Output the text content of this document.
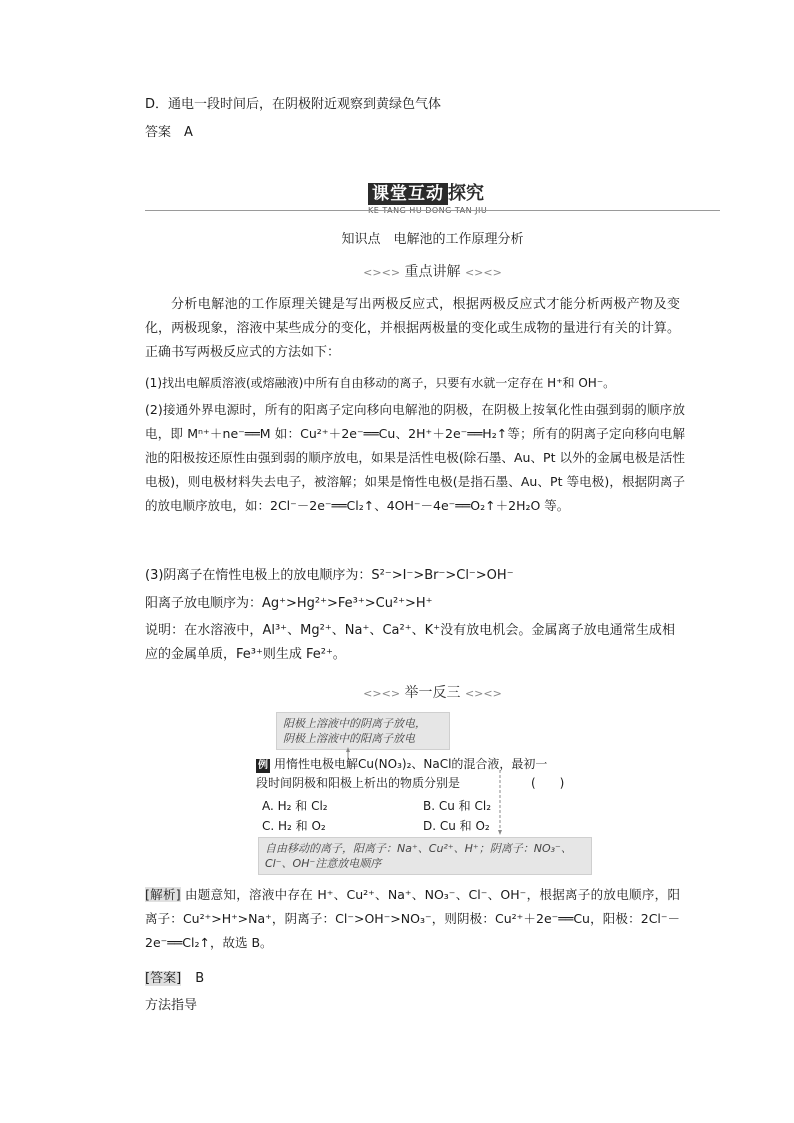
D．通电一段时间后，在阴极附近观察到黄绿色气体
答案　A
课堂互动 探究
KE TANG HU DONG TAN JIU
知识点　电解池的工作原理分析
<><> 重点讲解 <><>
分析电解池的工作原理关键是写出两极反应式，根据两极反应式才能分析两极产物及变化，两极现象，溶液中某些成分的变化，并根据两极量的变化或生成物的量进行有关的计算。正确书写两极反应式的方法如下：
(1)找出电解质溶液(或熔融液)中所有自由移动的离子，只要有水就一定存在 H⁺和 OH⁻。
(2)接通外界电源时，所有的阳离子定向移向电解池的阴极，在阴极上按氧化性由强到弱的顺序放电，即 Mⁿ⁺＋ne⁻══M 如：Cu²⁺＋2e⁻══Cu、2H⁺＋2e⁻══H₂↑等；所有的阴离子定向移向电解池的阳极按还原性由强到弱的顺序放电，如果是活性电极(除石墨、Au、Pt 以外的金属电极是活性电极)，则电极材料失去电子，被溶解；如果是惰性电极(是指石墨、Au、Pt 等电极)，根据阴离子的放电顺序放电，如：2Cl⁻－2e⁻══Cl₂↑、4OH⁻－4e⁻══O₂↑＋2H₂O 等。
(3)阴离子在惰性电极上的放电顺序为：S²⁻>I⁻>Br⁻>Cl⁻>OH⁻
阳离子放电顺序为：Ag⁺>Hg²⁺>Fe³⁺>Cu²⁺>H⁺
说明：在水溶液中，Al³⁺、Mg²⁺、Na⁺、Ca²⁺、K⁺没有放电机会。金属离子放电通常生成相应的金属单质，Fe³⁺则生成 Fe²⁺。
<><> 举一反三 <><>
阳极上溶液中的阴离子放电，
阴极上溶液中的阳离子放电
例 用惰性电极电解Cu(NO₃)₂、NaCl的混合液，最初一
段时间阴极和阳极上析出的物质分别是	(　　)
A. H₂ 和 Cl₂	B. Cu 和 Cl₂
C. H₂ 和 O₂	D. Cu 和 O₂
自由移动的离子，阳离子：Na⁺、Cu²⁺、H⁺；阴离子：NO₃⁻、
Cl⁻、OH⁻注意放电顺序
[解析] 由题意知，溶液中存在 H⁺、Cu²⁺、Na⁺、NO₃⁻、Cl⁻、OH⁻，根据离子的放电顺序，阳离子：Cu²⁺>H⁺>Na⁺，阴离子：Cl⁻>OH⁻>NO₃⁻，则阴极：Cu²⁺＋2e⁻══Cu，阳极：2Cl⁻－2e⁻══Cl₂↑，故选 B。
[答案] B
方法指导
